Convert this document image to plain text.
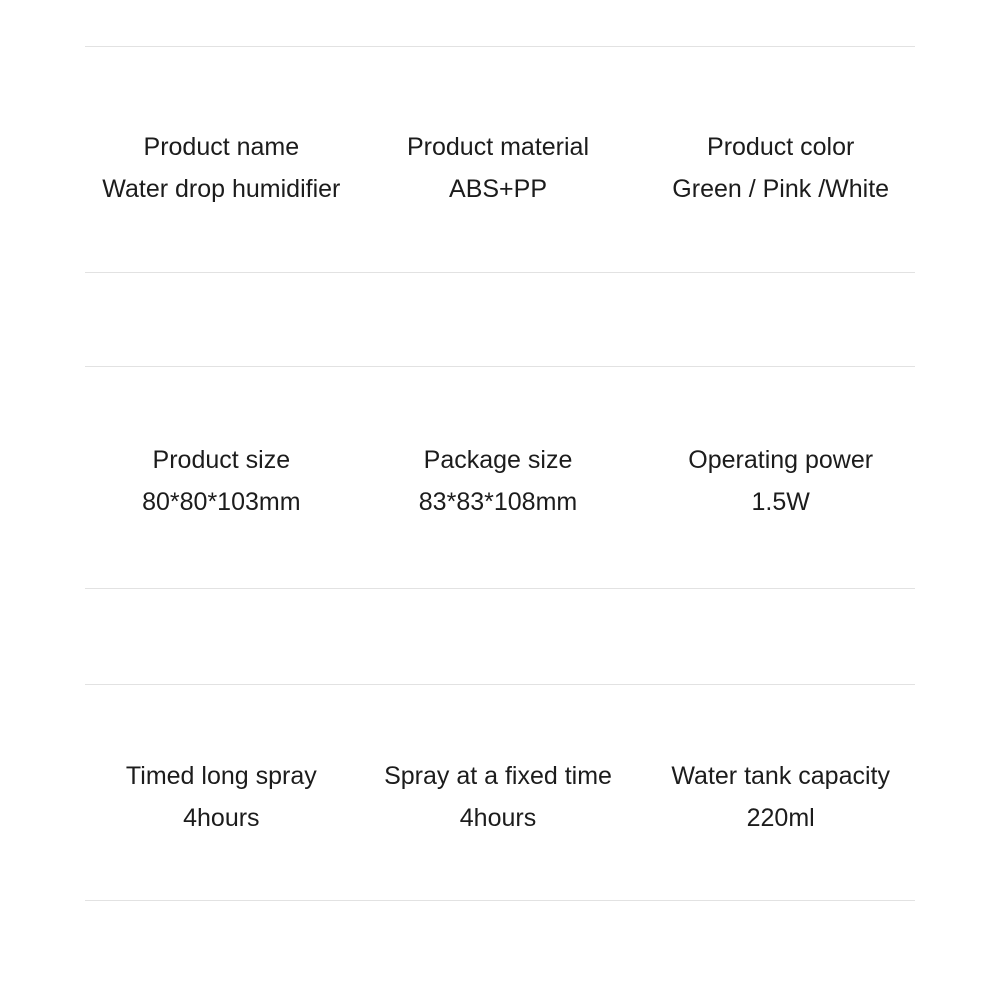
Product name	Product material	Product color
Water drop humidifier	ABS+PP	Green / Pink /White
Product size	Package size	Operating power
80*80*103mm	83*83*108mm	1.5W
Timed long spray	Spray at a fixed time	Water tank capacity
4hours	4hours	220ml
